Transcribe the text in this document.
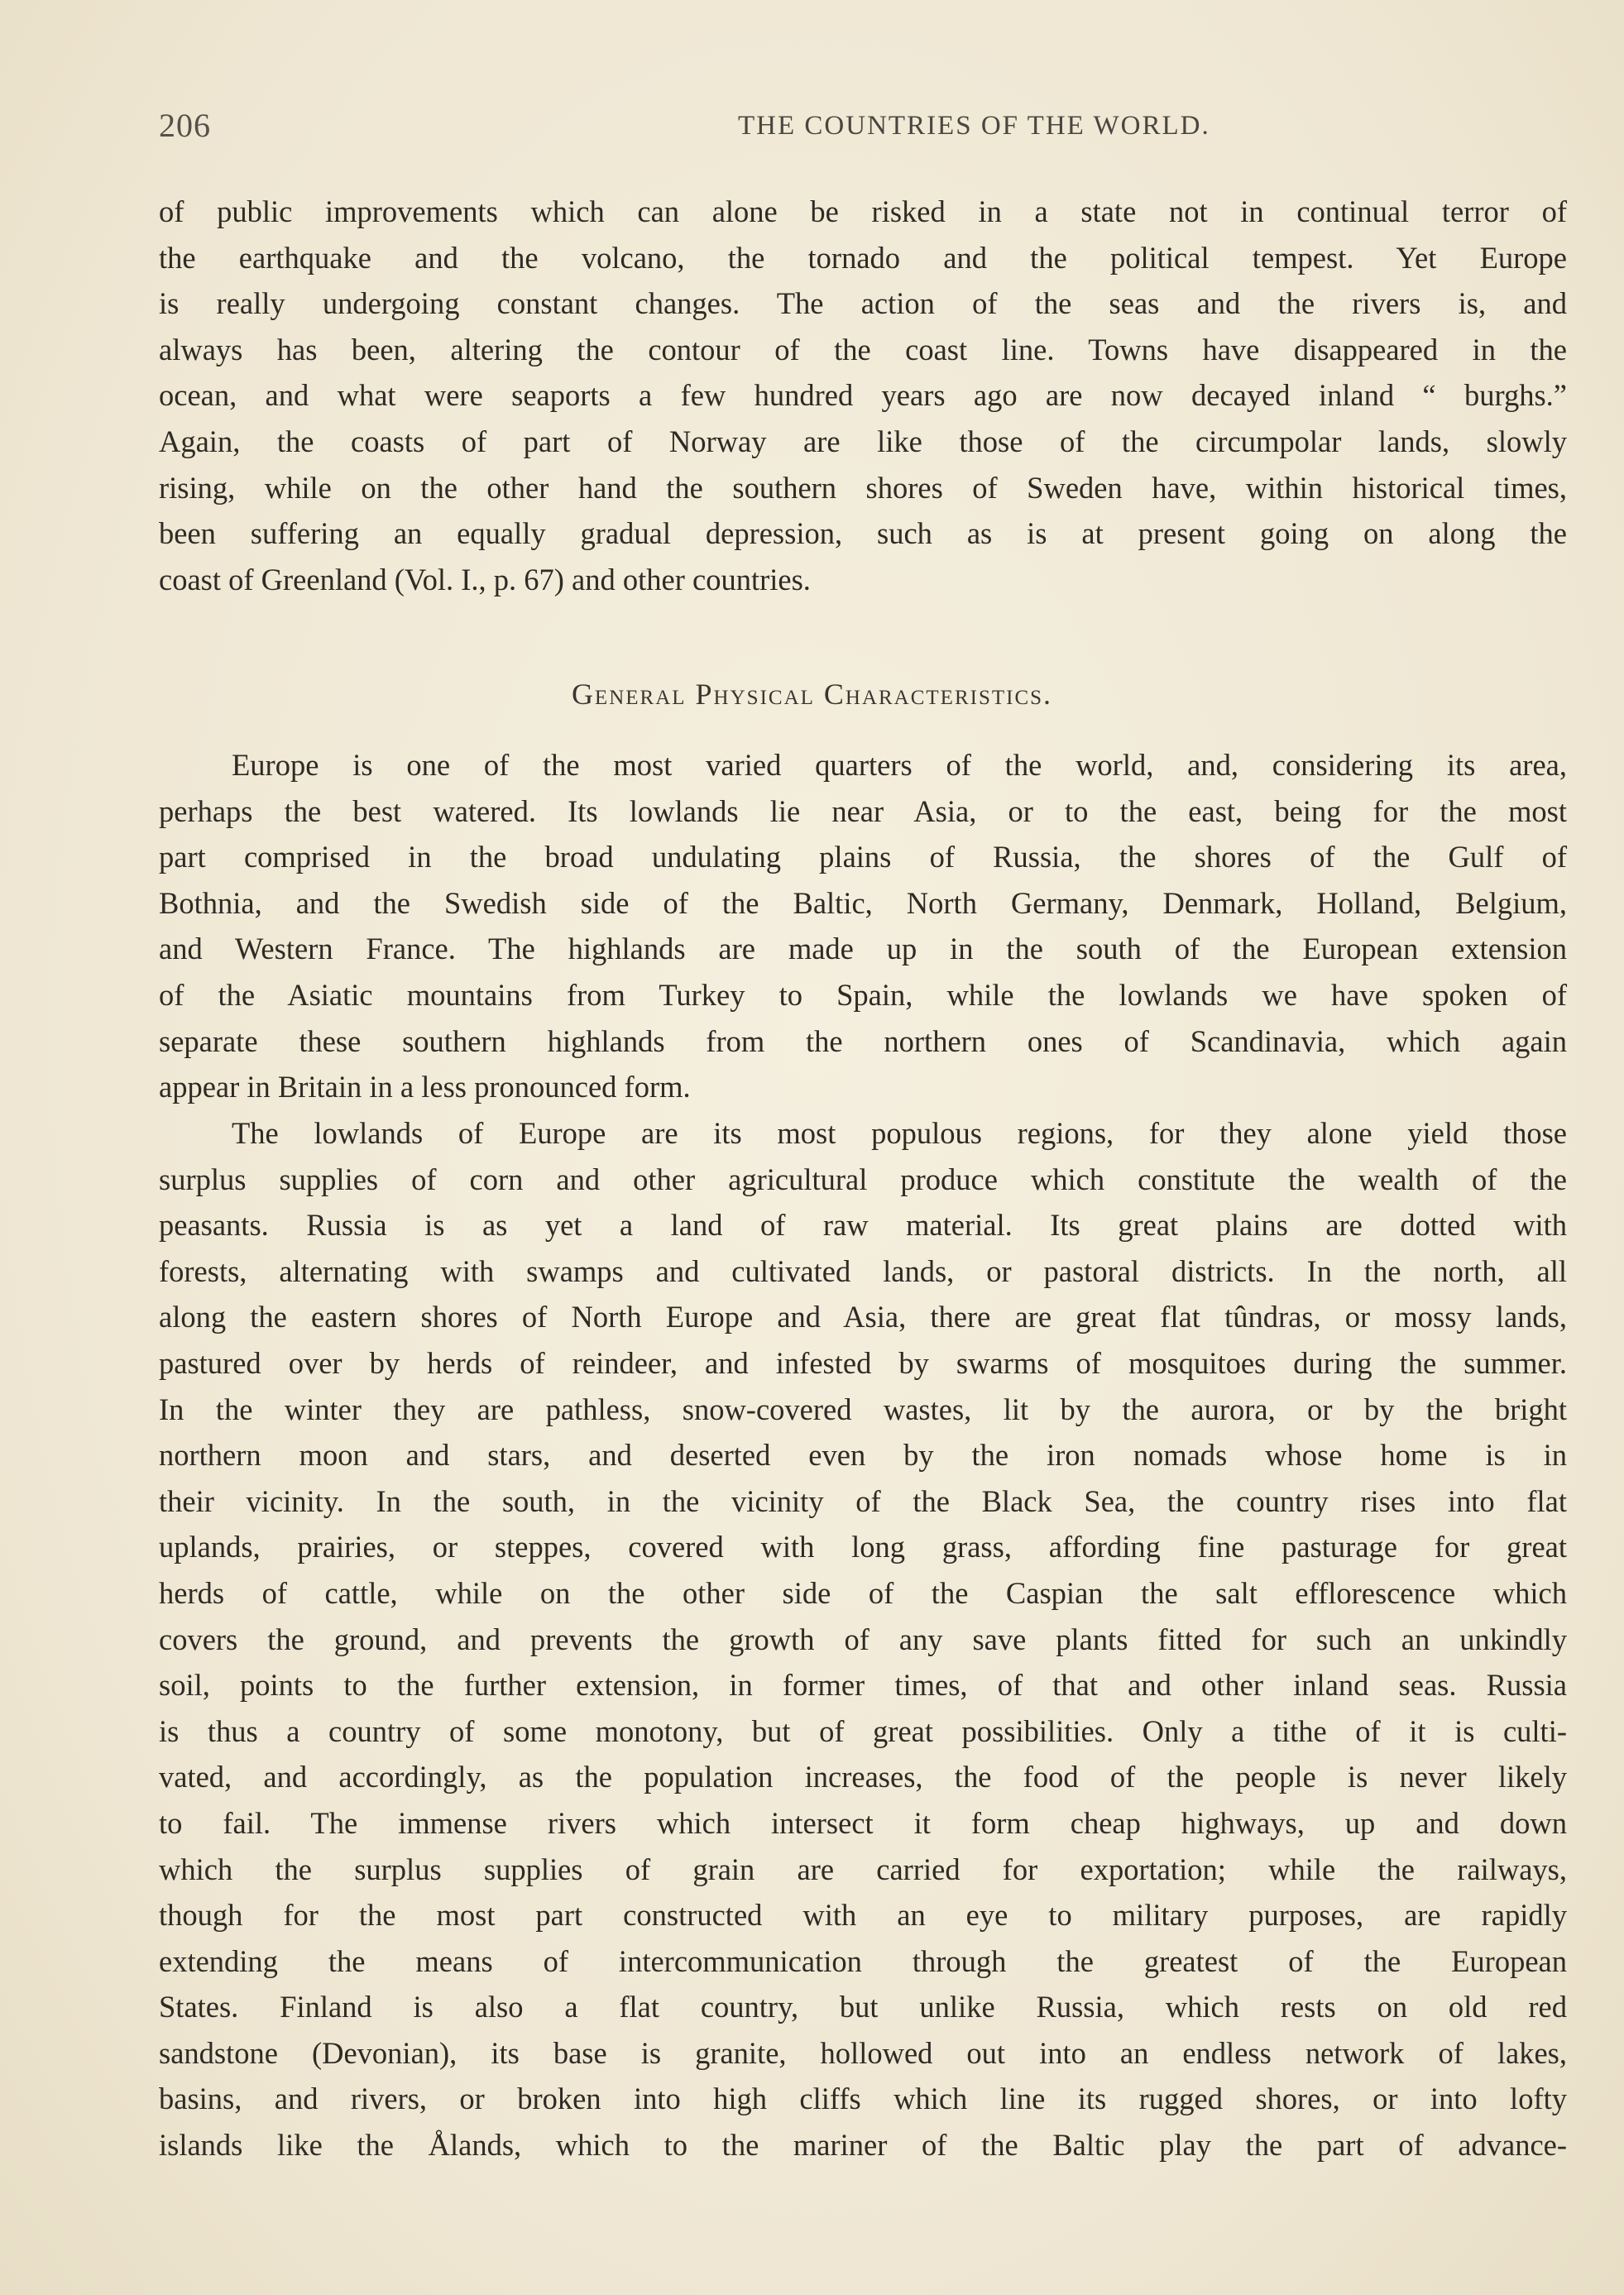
206	THE COUNTRIES OF THE WORLD.

of public improvements which can alone be risked in a state not in continual terror of
the earthquake and the volcano, the tornado and the political tempest. Yet Europe
is really undergoing constant changes. The action of the seas and the rivers is, and
always has been, altering the contour of the coast line. Towns have disappeared in the
ocean, and what were seaports a few hundred years ago are now decayed inland “ burghs.”
Again, the coasts of part of Norway are like those of the circumpolar lands, slowly
rising, while on the other hand the southern shores of Sweden have, within historical times,
been suffering an equally gradual depression, such as is at present going on along the
coast of Greenland (Vol. I., p. 67) and other countries.

General Physical Characteristics.

Europe is one of the most varied quarters of the world, and, considering its area,
perhaps the best watered. Its lowlands lie near Asia, or to the east, being for the most
part comprised in the broad undulating plains of Russia, the shores of the Gulf of
Bothnia, and the Swedish side of the Baltic, North Germany, Denmark, Holland, Belgium,
and Western France. The highlands are made up in the south of the European extension
of the Asiatic mountains from Turkey to Spain, while the lowlands we have spoken of
separate these southern highlands from the northern ones of Scandinavia, which again
appear in Britain in a less pronounced form.

The lowlands of Europe are its most populous regions, for they alone yield those
surplus supplies of corn and other agricultural produce which constitute the wealth of the
peasants. Russia is as yet a land of raw material. Its great plains are dotted with
forests, alternating with swamps and cultivated lands, or pastoral districts. In the north, all
along the eastern shores of North Europe and Asia, there are great flat tûndras, or mossy lands,
pastured over by herds of reindeer, and infested by swarms of mosquitoes during the summer.
In the winter they are pathless, snow-covered wastes, lit by the aurora, or by the bright
northern moon and stars, and deserted even by the iron nomads whose home is in
their vicinity. In the south, in the vicinity of the Black Sea, the country rises into flat
uplands, prairies, or steppes, covered with long grass, affording fine pasturage for great
herds of cattle, while on the other side of the Caspian the salt efflorescence which
covers the ground, and prevents the growth of any save plants fitted for such an unkindly
soil, points to the further extension, in former times, of that and other inland seas. Russia
is thus a country of some monotony, but of great possibilities. Only a tithe of it is culti-
vated, and accordingly, as the population increases, the food of the people is never likely
to fail. The immense rivers which intersect it form cheap highways, up and down
which the surplus supplies of grain are carried for exportation; while the railways,
though for the most part constructed with an eye to military purposes, are rapidly
extending the means of intercommunication through the greatest of the European
States. Finland is also a flat country, but unlike Russia, which rests on old red
sandstone (Devonian), its base is granite, hollowed out into an endless network of lakes,
basins, and rivers, or broken into high cliffs which line its rugged shores, or into lofty
islands like the Ålands, which to the mariner of the Baltic play the part of advance-
